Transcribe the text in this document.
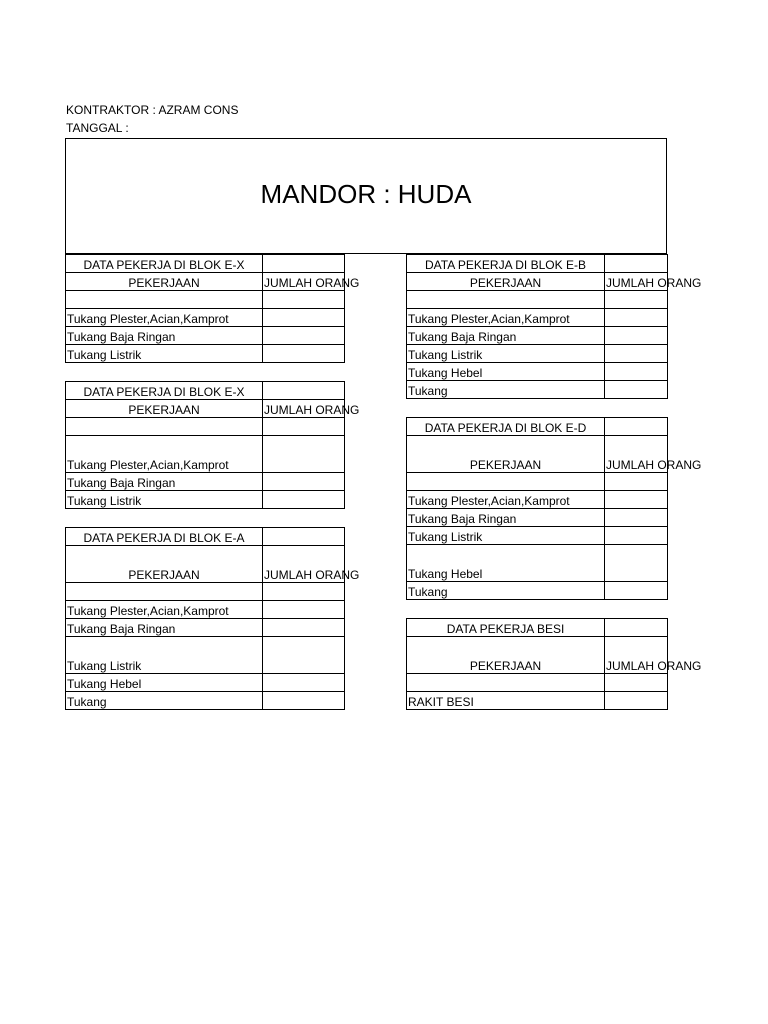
KONTRAKTOR : AZRAM CONS
TANGGAL :
MANDOR : HUDA
DATA PEKERJA DI BLOK E-X	
PEKERJAAN	JUMLAH ORANG

Tukang Plester,Acian,Kamprot	
Tukang Baja Ringan	
Tukang Listrik	
DATA PEKERJA DI BLOK E-X	
PEKERJAAN	JUMLAH ORANG

Tukang Plester,Acian,Kamprot	
Tukang Baja Ringan	
Tukang Listrik	
DATA PEKERJA DI BLOK E-A	
PEKERJAAN	JUMLAH ORANG

Tukang Plester,Acian,Kamprot	
Tukang Baja Ringan	
Tukang Listrik	
Tukang Hebel	
Tukang	
DATA PEKERJA DI BLOK E-B	
PEKERJAAN	JUMLAH ORANG

Tukang Plester,Acian,Kamprot	
Tukang Baja Ringan	
Tukang Listrik	
Tukang Hebel	
Tukang	
DATA PEKERJA DI BLOK E-D	
PEKERJAAN	JUMLAH ORANG

Tukang Plester,Acian,Kamprot	
Tukang Baja Ringan	
Tukang Listrik	
Tukang Hebel	
Tukang	
DATA PEKERJA BESI	
PEKERJAAN	JUMLAH ORANG

RAKIT BESI	
